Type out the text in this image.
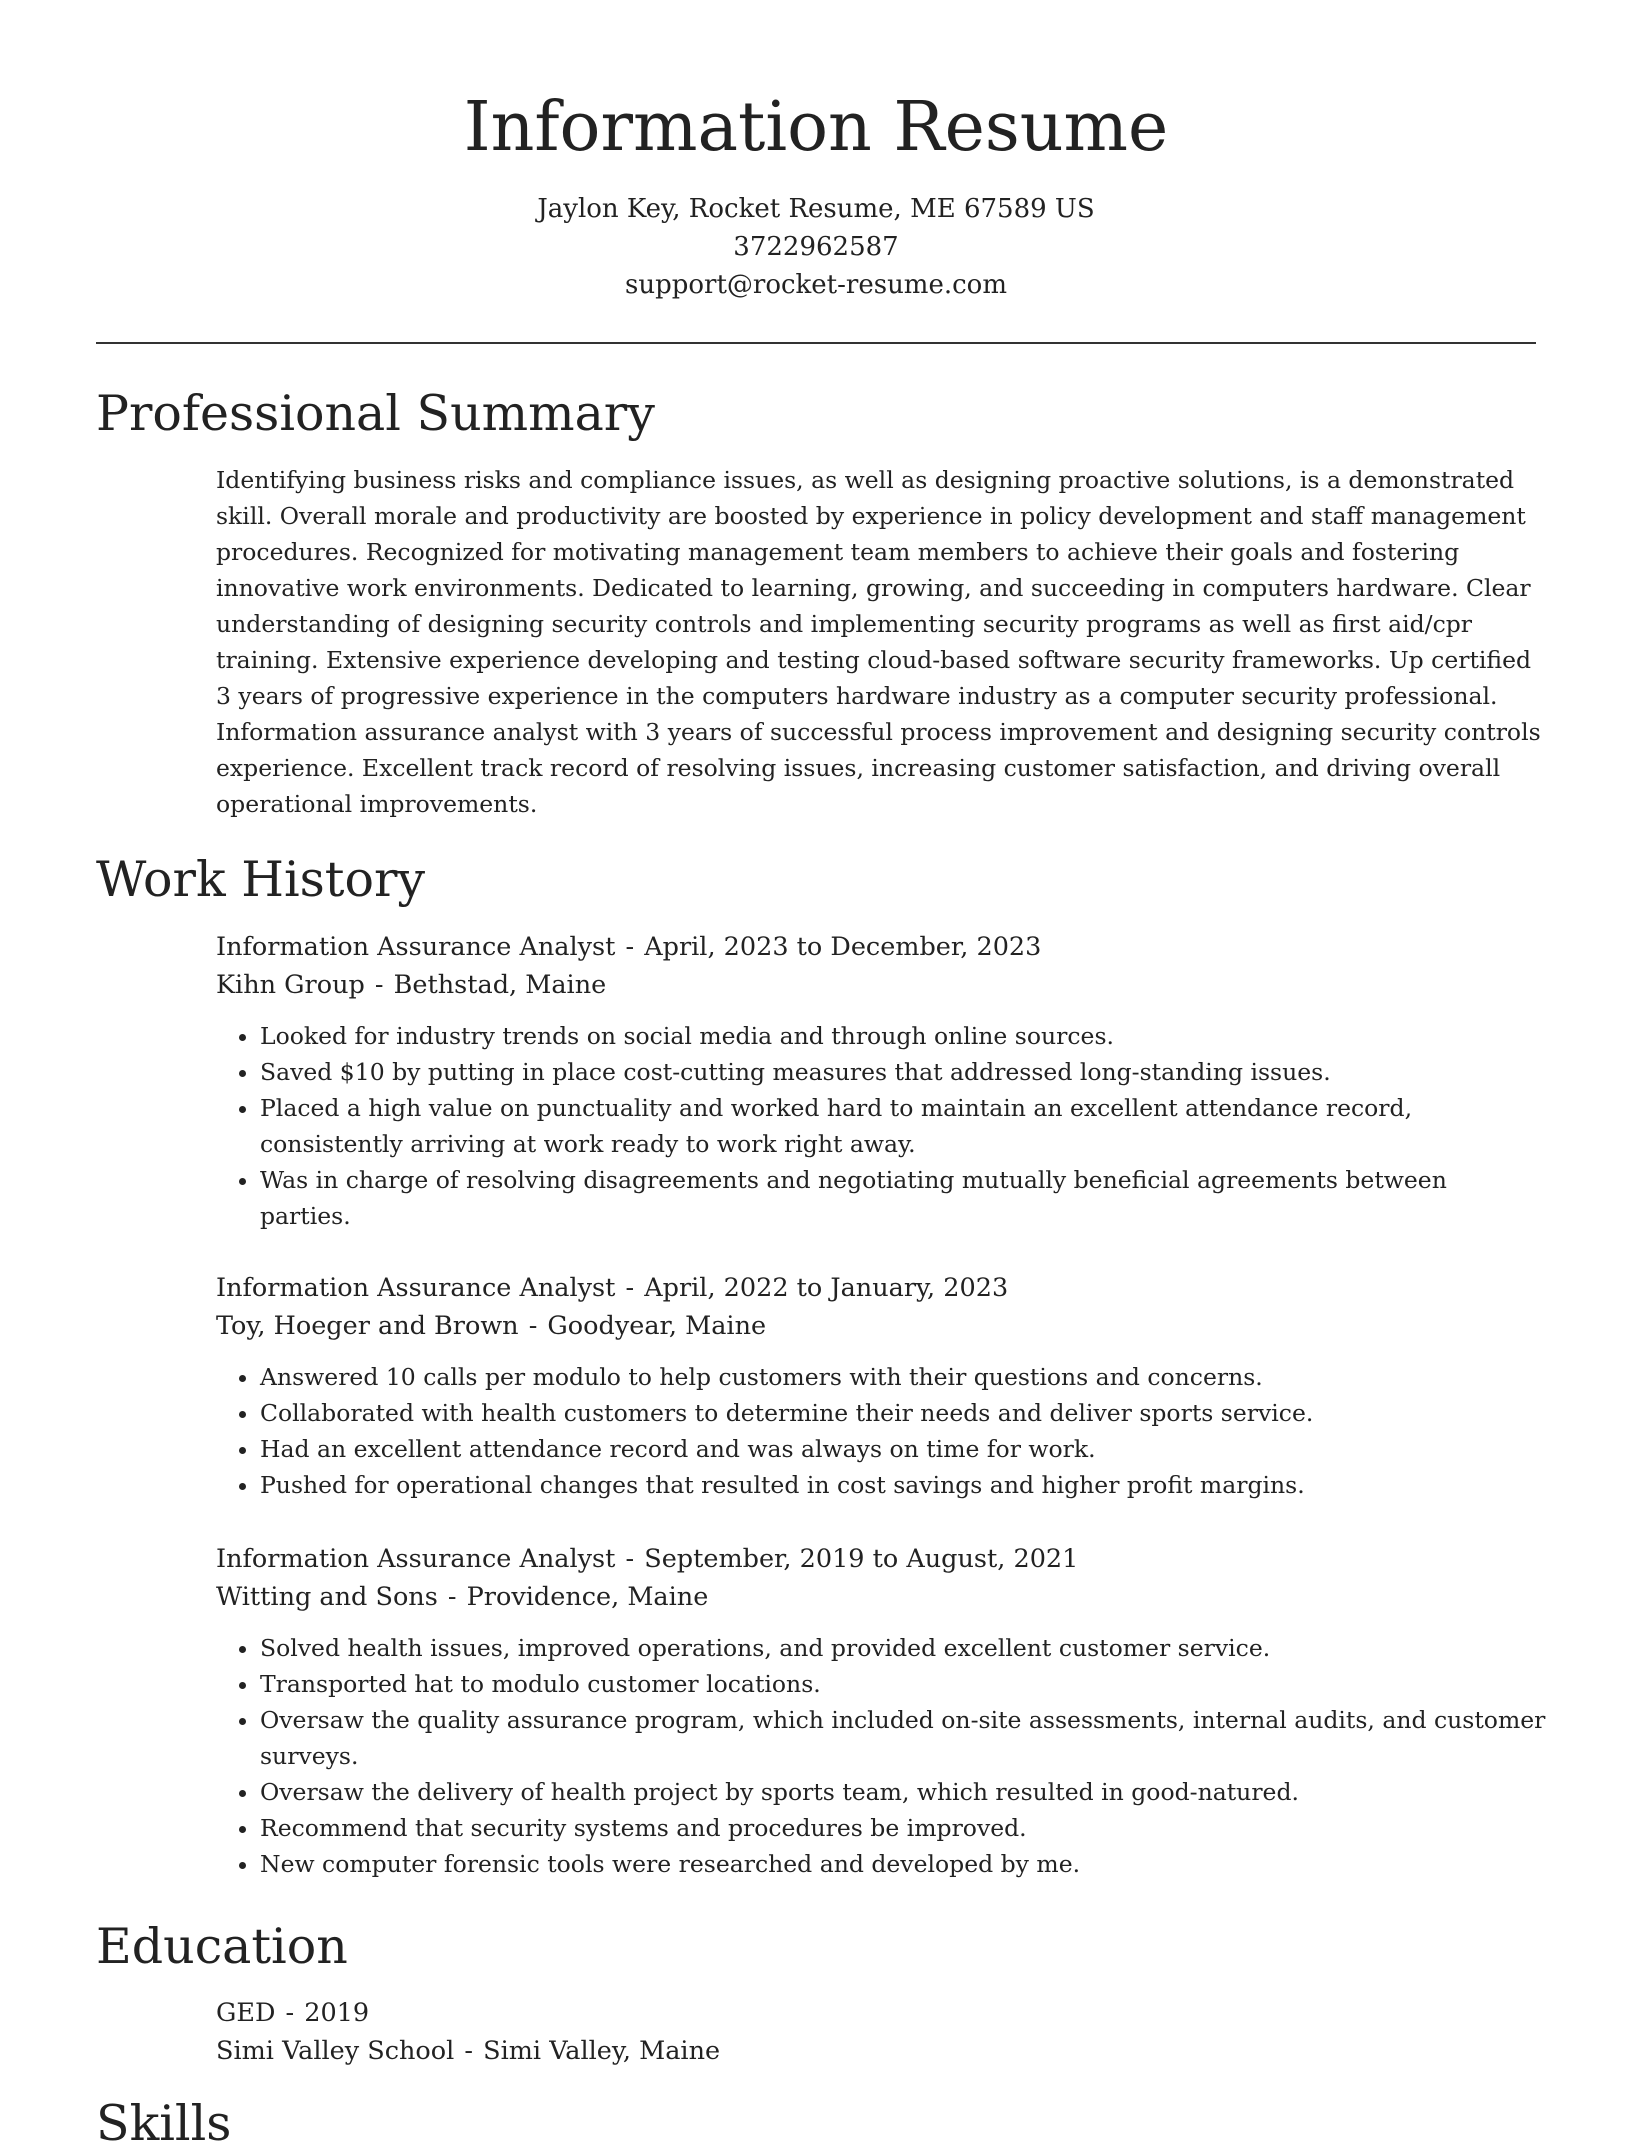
Information Resume
Jaylon Key, Rocket Resume, ME 67589 US
3722962587
support@rocket-resume.com
Professional Summary

Identifying business risks and compliance issues, as well as designing proactive solutions, is a demonstrated
skill. Overall morale and productivity are boosted by experience in policy development and staff management
procedures. Recognized for motivating management team members to achieve their goals and fostering
innovative work environments. Dedicated to learning, growing, and succeeding in computers hardware. Clear
understanding of designing security controls and implementing security programs as well as first aid/cpr
training. Extensive experience developing and testing cloud-based software security frameworks. Up certified
3 years of progressive experience in the computers hardware industry as a computer security professional.
Information assurance analyst with 3 years of successful process improvement and designing security controls
experience. Excellent track record of resolving issues, increasing customer satisfaction, and driving overall
operational improvements.

Work History
Information Assurance Analyst - April, 2023 to December, 2023
Kihn Group - Bethstad, Maine
• Looked for industry trends on social media and through online sources.
• Saved $10 by putting in place cost-cutting measures that addressed long-standing issues.
• Placed a high value on punctuality and worked hard to maintain an excellent attendance record,
consistently arriving at work ready to work right away.
• Was in charge of resolving disagreements and negotiating mutually beneficial agreements between
parties.
Information Assurance Analyst - April, 2022 to January, 2023
Toy, Hoeger and Brown - Goodyear, Maine
• Answered 10 calls per modulo to help customers with their questions and concerns.
• Collaborated with health customers to determine their needs and deliver sports service.
• Had an excellent attendance record and was always on time for work.
• Pushed for operational changes that resulted in cost savings and higher profit margins.
Information Assurance Analyst - September, 2019 to August, 2021
Witting and Sons - Providence, Maine
• Solved health issues, improved operations, and provided excellent customer service.
• Transported hat to modulo customer locations.
• Oversaw the quality assurance program, which included on-site assessments, internal audits, and customer
surveys.
• Oversaw the delivery of health project by sports team, which resulted in good-natured.
• Recommend that security systems and procedures be improved.
• New computer forensic tools were researched and developed by me.
Education
GED - 2019
Simi Valley School - Simi Valley, Maine
Skills
